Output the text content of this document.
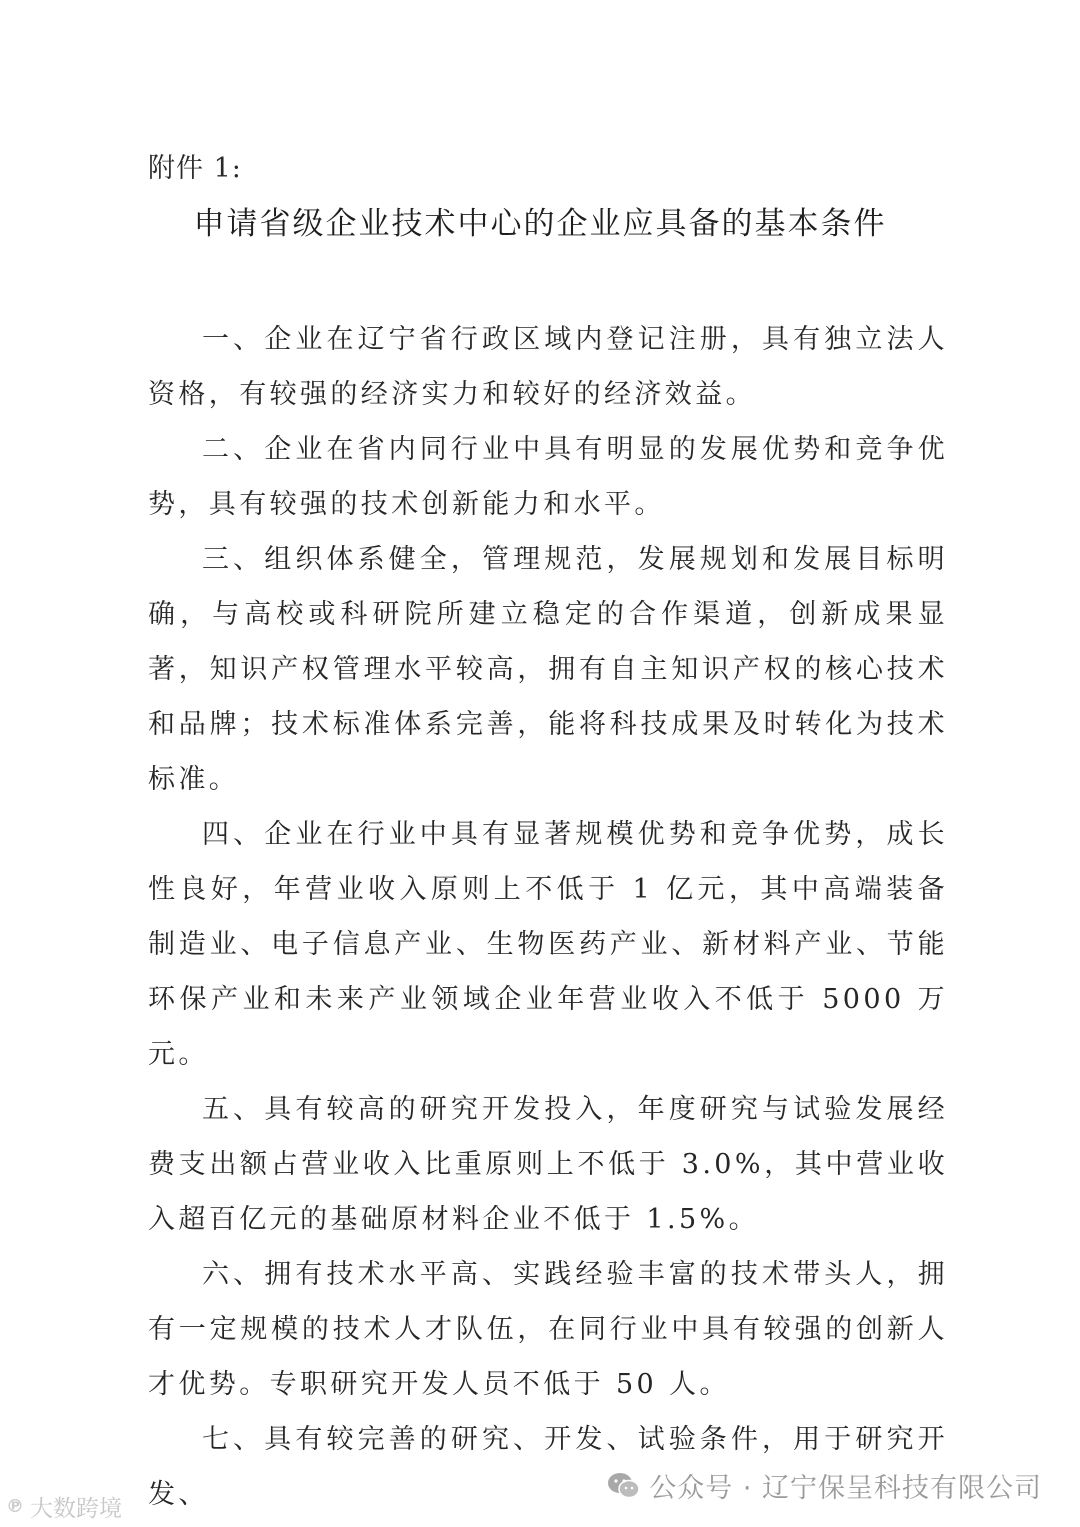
附件 1:
申请省级企业技术中心的企业应具备的基本条件

一、企业在辽宁省行政区域内登记注册，具有独立法人资格，有较强的经济实力和较好的经济效益。

二、企业在省内同行业中具有明显的发展优势和竞争优势，具有较强的技术创新能力和水平。

三、组织体系健全，管理规范，发展规划和发展目标明确，与高校或科研院所建立稳定的合作渠道，创新成果显著，知识产权管理水平较高，拥有自主知识产权的核心技术和品牌；技术标准体系完善，能将科技成果及时转化为技术标准。

四、企业在行业中具有显著规模优势和竞争优势，成长性良好，年营业收入原则上不低于 1 亿元，其中高端装备制造业、电子信息产业、生物医药产业、新材料产业、节能环保产业和未来产业领域企业年营业收入不低于 5000 万元。

五、具有较高的研究开发投入，年度研究与试验发展经费支出额占营业收入比重原则上不低于 3.0%，其中营业收入超百亿元的基础原材料企业不低于 1.5%。

六、拥有技术水平高、实践经验丰富的技术带头人，拥有一定规模的技术人才队伍，在同行业中具有较强的创新人才优势。专职研究开发人员不低于 50 人。

七、具有较完善的研究、开发、试验条件，用于研究开发、	公众号 · 辽宁保呈科技有限公司
℗ 大数跨境
